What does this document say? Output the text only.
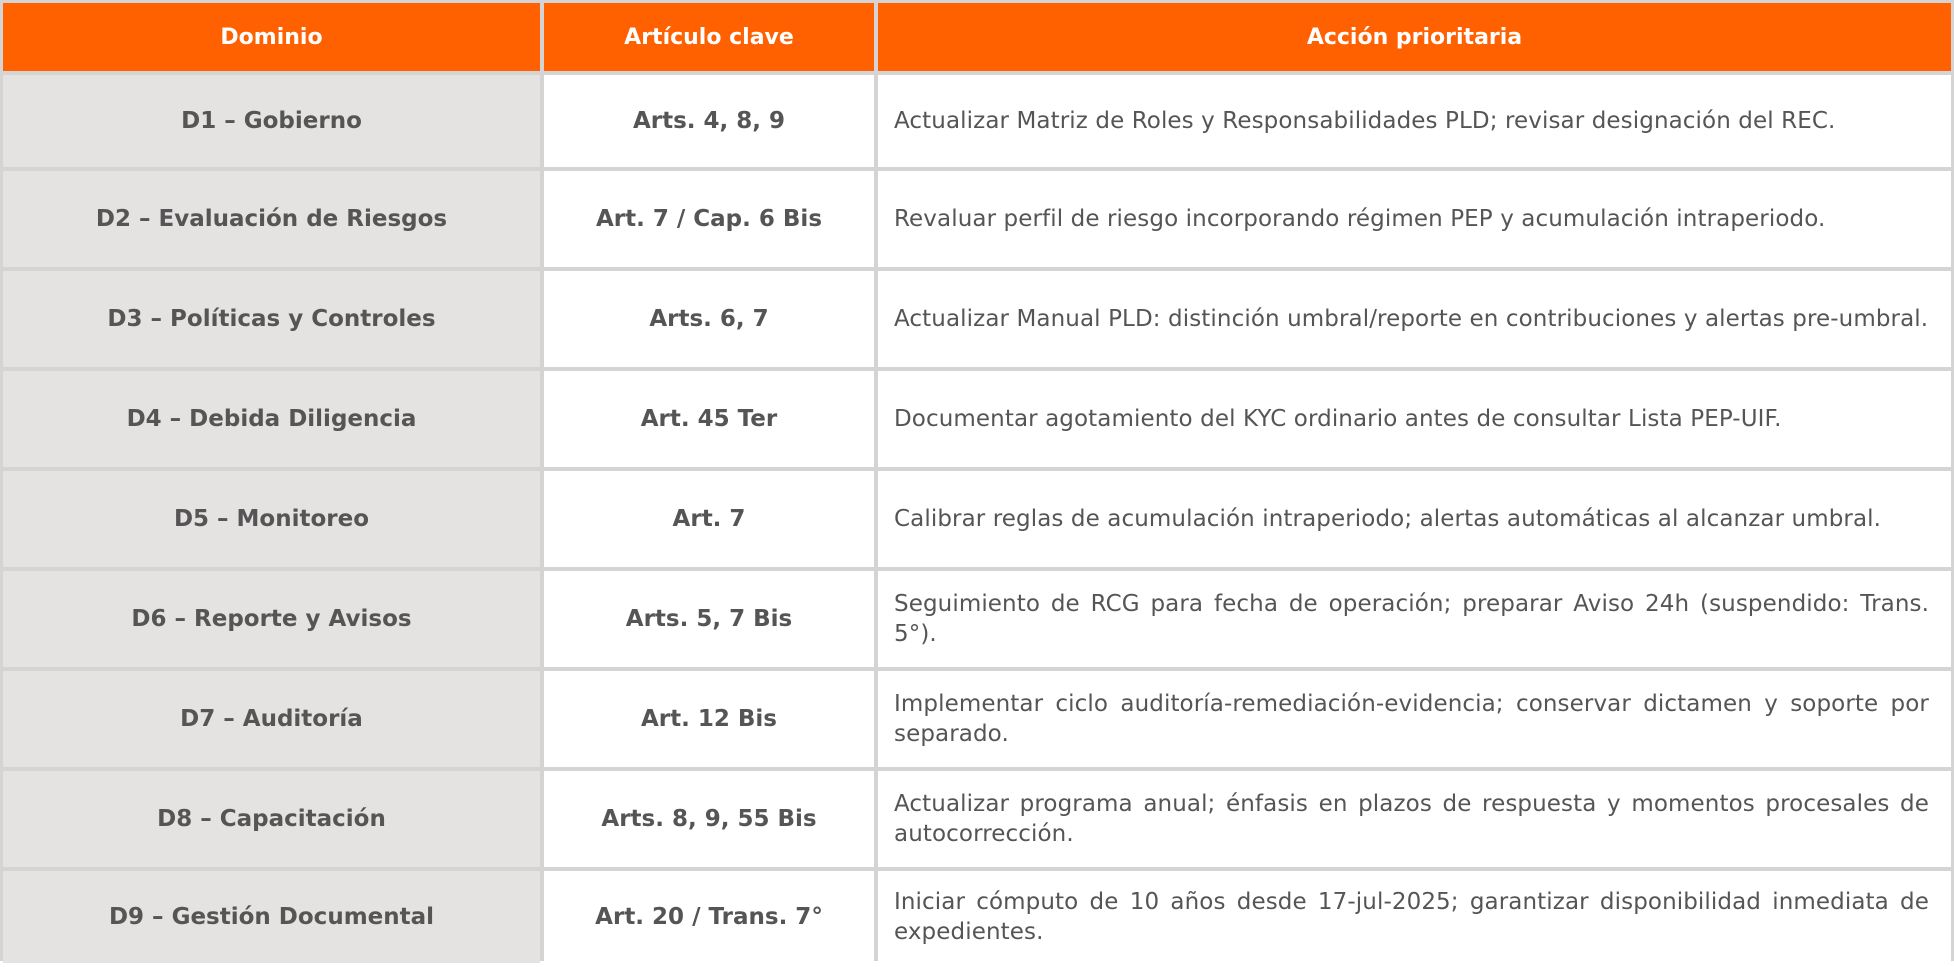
Dominio	Artículo clave	Acción prioritaria
D1 – Gobierno	Arts. 4, 8, 9	Actualizar Matriz de Roles y Responsabilidades PLD; revisar designación del REC.
D2 – Evaluación de Riesgos	Art. 7 / Cap. 6 Bis	Revaluar perfil de riesgo incorporando régimen PEP y acumulación intraperiodo.
D3 – Políticas y Controles	Arts. 6, 7	Actualizar Manual PLD: distinción umbral/reporte en contribuciones y alertas pre-umbral.
D4 – Debida Diligencia	Art. 45 Ter	Documentar agotamiento del KYC ordinario antes de consultar Lista PEP-UIF.
D5 – Monitoreo	Art. 7	Calibrar reglas de acumulación intraperiodo; alertas automáticas al alcanzar umbral.
D6 – Reporte y Avisos	Arts. 5, 7 Bis	Seguimiento de RCG para fecha de operación; preparar Aviso 24h (suspendido: Trans. 5°).
D7 – Auditoría	Art. 12 Bis	Implementar ciclo auditoría-remediación-evidencia; conservar dictamen y soporte por separado.
D8 – Capacitación	Arts. 8, 9, 55 Bis	Actualizar programa anual; énfasis en plazos de respuesta y momentos procesales de autocorrección.
D9 – Gestión Documental	Art. 20 / Trans. 7°	Iniciar cómputo de 10 años desde 17-jul-2025; garantizar disponibilidad inmediata de expedientes.
